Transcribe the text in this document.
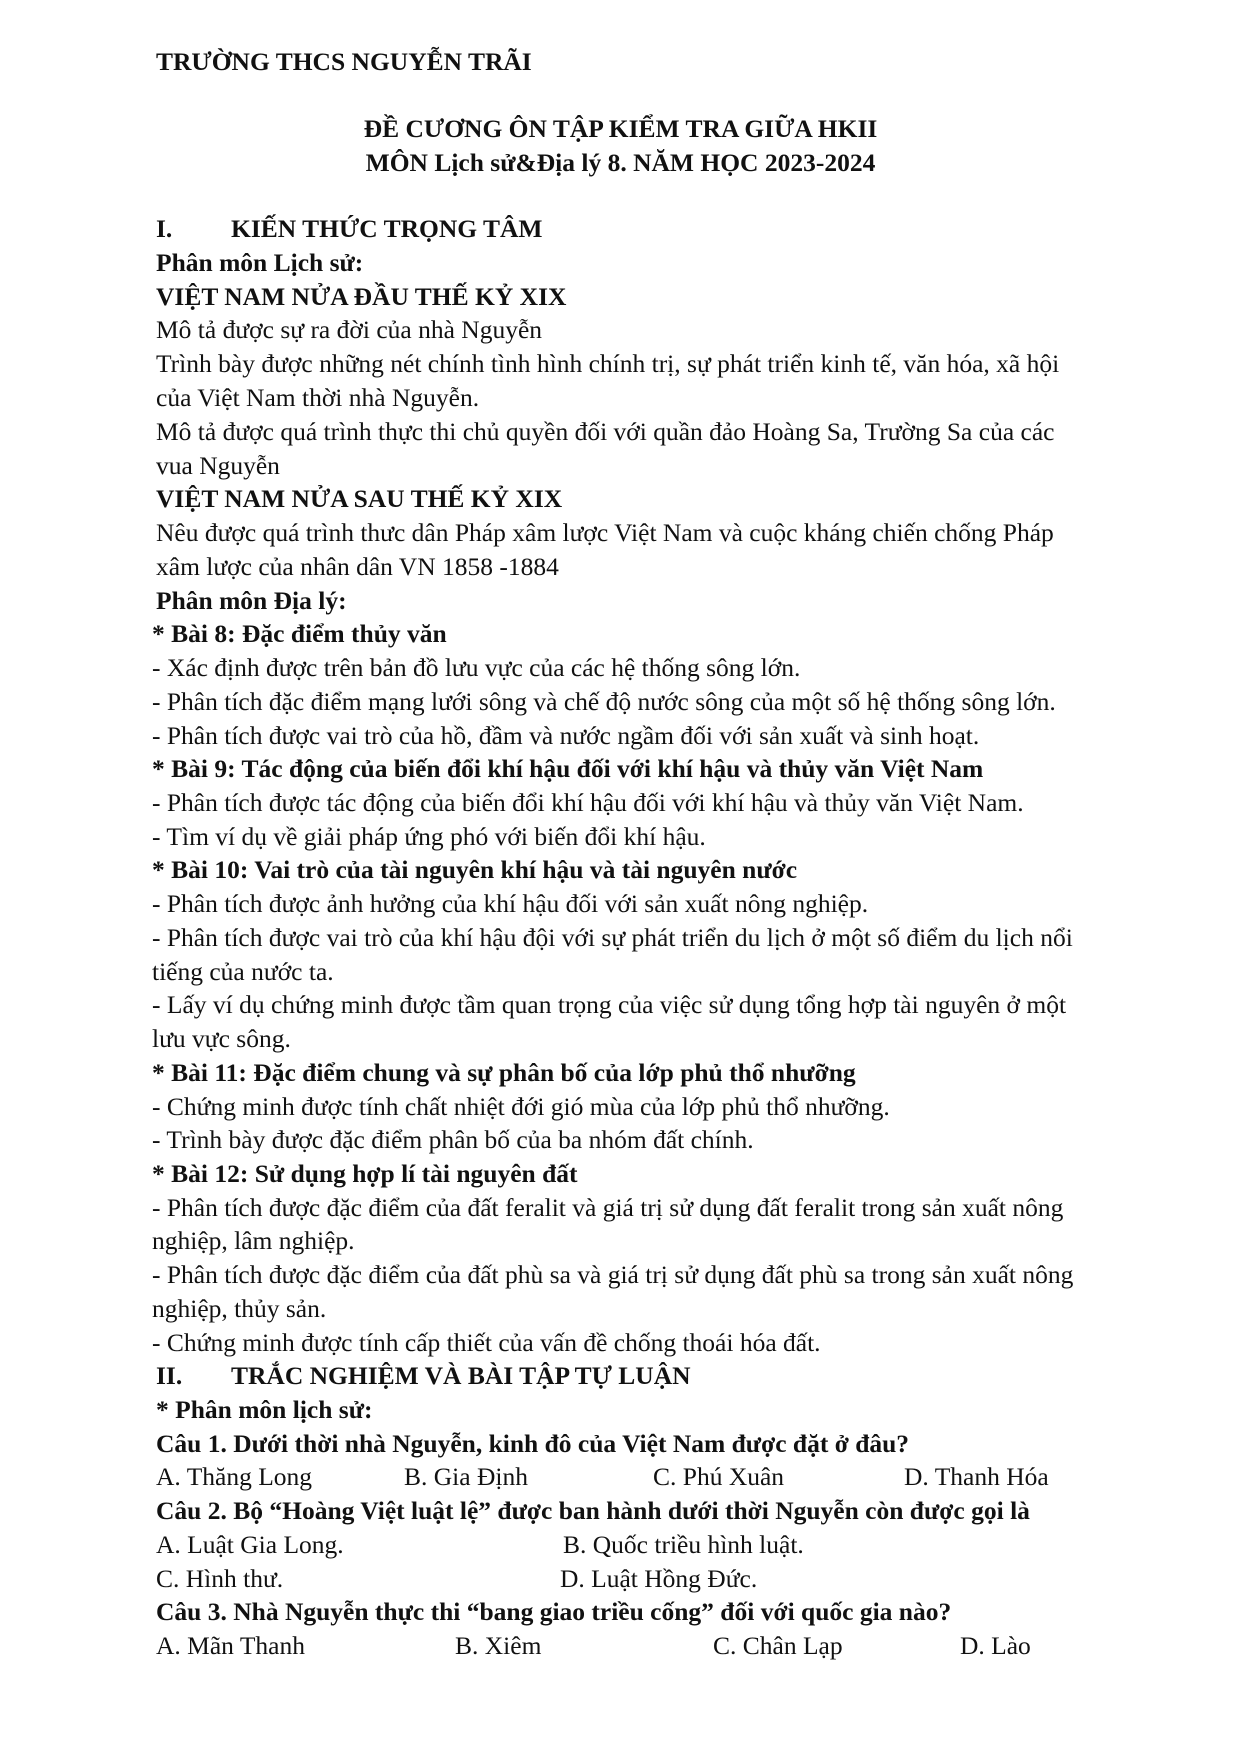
TRƯỜNG THCS NGUYỄN TRÃI
ĐỀ CƯƠNG ÔN TẬP KIỂM TRA GIỮA HKII
MÔN Lịch sử&Địa lý 8. NĂM HỌC 2023-2024
I. KIẾN THỨC TRỌNG TÂM
Phân môn Lịch sử:
VIỆT NAM NỬA ĐẦU THẾ KỶ XIX
Mô tả được sự ra đời của nhà Nguyễn
Trình bày được những nét chính tình hình chính trị, sự phát triển kinh tế, văn hóa, xã hội
của Việt Nam thời nhà Nguyễn.
Mô tả được quá trình thực thi chủ quyền đối với quần đảo Hoàng Sa, Trường Sa của các
vua Nguyễn
VIỆT NAM NỬA SAU THẾ KỶ XIX
Nêu được quá trình thưc dân Pháp xâm lược Việt Nam và cuộc kháng chiến chống Pháp
xâm lược của nhân dân VN 1858 -1884
Phân môn Địa lý:
* Bài 8: Đặc điểm thủy văn
- Xác định được trên bản đồ lưu vực của các hệ thống sông lớn.
- Phân tích đặc điểm mạng lưới sông và chế độ nước sông của một số hệ thống sông lớn.
- Phân tích được vai trò của hồ, đầm và nước ngầm đối với sản xuất và sinh hoạt.
* Bài 9: Tác động của biến đổi khí hậu đối với khí hậu và thủy văn Việt Nam
- Phân tích được tác động của biến đổi khí hậu đối với khí hậu và thủy văn Việt Nam.
- Tìm ví dụ về giải pháp ứng phó với biến đổi khí hậu.
* Bài 10: Vai trò của tài nguyên khí hậu và tài nguyên nước
- Phân tích được ảnh hưởng của khí hậu đối với sản xuất nông nghiệp.
- Phân tích được vai trò của khí hậu đội với sự phát triển du lịch ở một số điểm du lịch nổi
tiếng của nước ta.
- Lấy ví dụ chứng minh được tầm quan trọng của việc sử dụng tổng hợp tài nguyên ở một
lưu vực sông.
* Bài 11: Đặc điểm chung và sự phân bố của lớp phủ thổ nhưỡng
- Chứng minh được tính chất nhiệt đới gió mùa của lớp phủ thổ nhưỡng.
- Trình bày được đặc điểm phân bố của ba nhóm đất chính.
* Bài 12: Sử dụng hợp lí tài nguyên đất
- Phân tích được đặc điểm của đất feralit và giá trị sử dụng đất feralit trong sản xuất nông
nghiệp, lâm nghiệp.
- Phân tích được đặc điểm của đất phù sa và giá trị sử dụng đất phù sa trong sản xuất nông
nghiệp, thủy sản.
- Chứng minh được tính cấp thiết của vấn đề chống thoái hóa đất.
II. TRẮC NGHIỆM VÀ BÀI TẬP TỰ LUẬN
* Phân môn lịch sử:
Câu 1. Dưới thời nhà Nguyễn, kinh đô của Việt Nam được đặt ở đâu?
A. Thăng Long	B. Gia Định	C. Phú Xuân	D. Thanh Hóa
Câu 2. Bộ “Hoàng Việt luật lệ” được ban hành dưới thời Nguyễn còn được gọi là
A. Luật Gia Long.	B. Quốc triều hình luật.
C. Hình thư.	D. Luật Hồng Đức.
Câu 3. Nhà Nguyễn thực thi “bang giao triều cống” đối với quốc gia nào?
A. Mãn Thanh	B. Xiêm	C. Chân Lạp	D. Lào
